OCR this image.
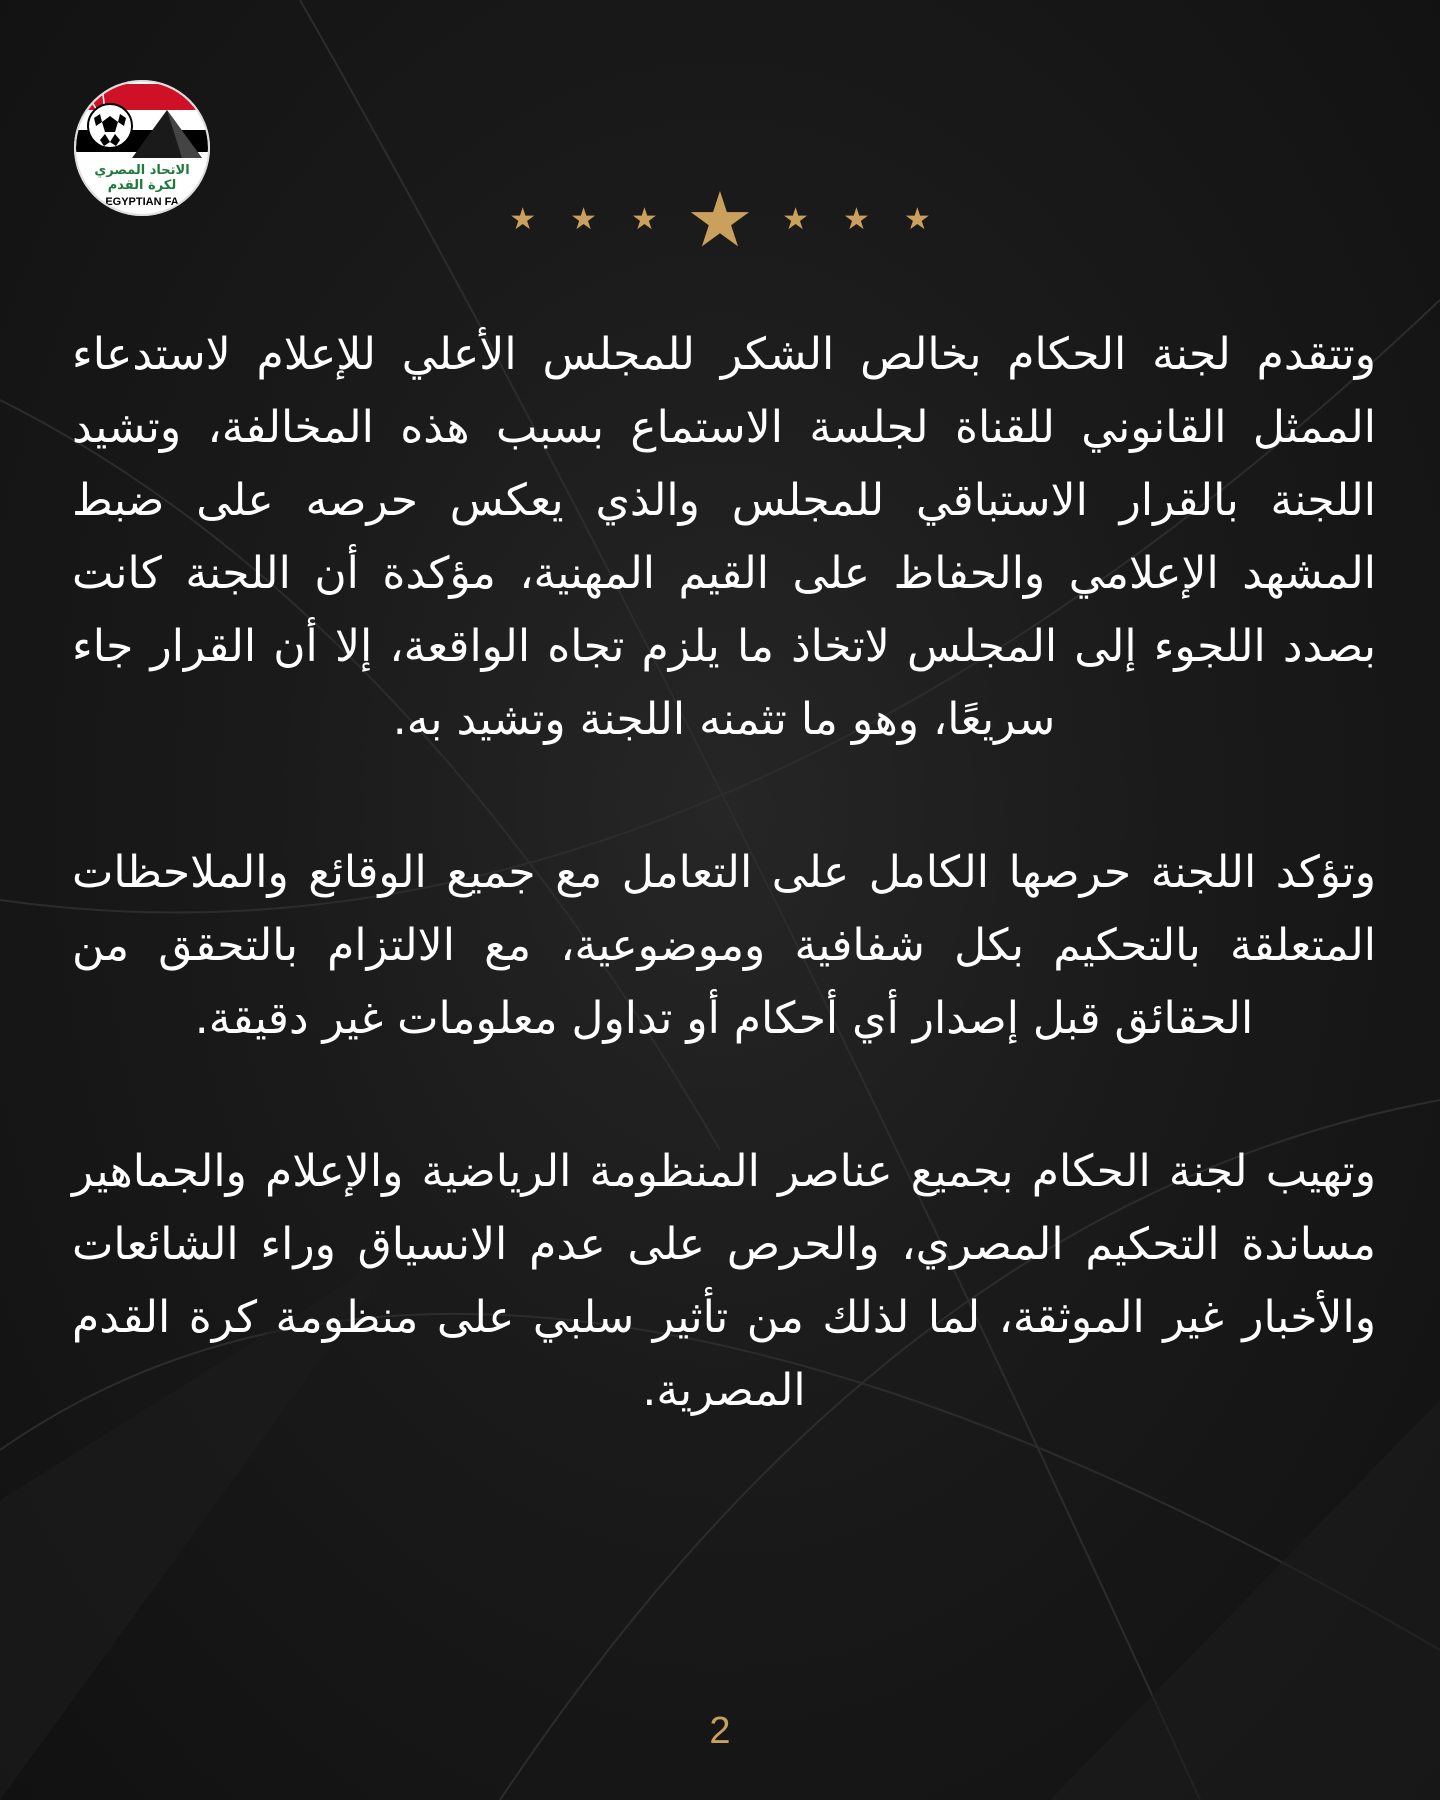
الاتحاد المصري
لكرة القدم
EGYPTIAN FA	★ ★ ★ ★ ★ ★ ★

وتتقدم لجنة الحكام بخالص الشكر للمجلس الأعلي للإعلام لاستدعاء الممثل القانوني للقناة لجلسة الاستماع بسبب هذه المخالفة، وتشيد اللجنة بالقرار الاستباقي للمجلس والذي يعكس حرصه على ضبط المشهد الإعلامي والحفاظ على القيم المهنية، مؤكدة أن اللجنة كانت بصدد اللجوء إلى المجلس لاتخاذ ما يلزم تجاه الواقعة، إلا أن القرار جاء سريعًا، وهو ما تثمنه اللجنة وتشيد به.

وتؤكد اللجنة حرصها الكامل على التعامل مع جميع الوقائع والملاحظات المتعلقة بالتحكيم بكل شفافية وموضوعية، مع الالتزام بالتحقق من الحقائق قبل إصدار أي أحكام أو تداول معلومات غير دقيقة.

وتهيب لجنة الحكام بجميع عناصر المنظومة الرياضية والإعلام والجماهير مساندة التحكيم المصري، والحرص على عدم الانسياق وراء الشائعات والأخبار غير الموثقة، لما لذلك من تأثير سلبي على منظومة كرة القدم المصرية.

2
